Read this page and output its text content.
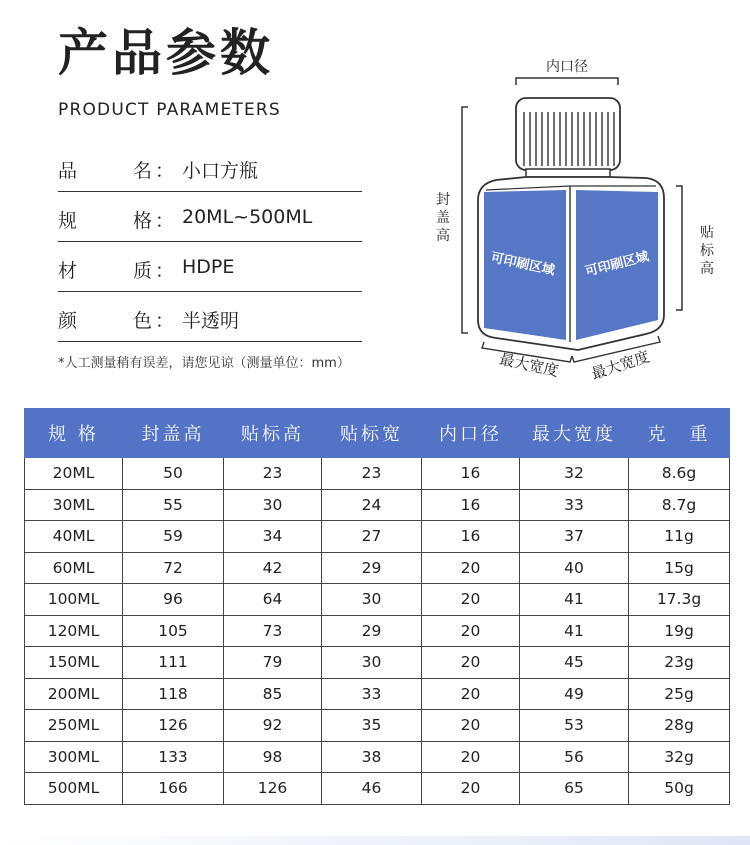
产品参数
PRODUCT PARAMETERS
品	名 ： 小口方瓶
规	格 ： 20ML~500ML
材	质 ： HDPE
颜	色 ： 半透明
*人工测量稍有误差，请您见谅（测量单位：mm）
内口径
可印刷区域 可印刷区域
封
盖
高	贴
标
高
最大宽度 最大宽度
规 格	封盖高	贴标高	贴标宽	内口径	最大宽度	克　重
20ML	50	23	23	16	32	8.6g
30ML	55	30	24	16	33	8.7g
40ML	59	34	27	16	37	11g
60ML	72	42	29	20	40	15g
100ML	96	64	30	20	41	17.3g
120ML	105	73	29	20	41	19g
150ML	111	79	30	20	45	23g
200ML	118	85	33	20	49	25g
250ML	126	92	35	20	53	28g
300ML	133	98	38	20	56	32g
500ML	166	126	46	20	65	50g
